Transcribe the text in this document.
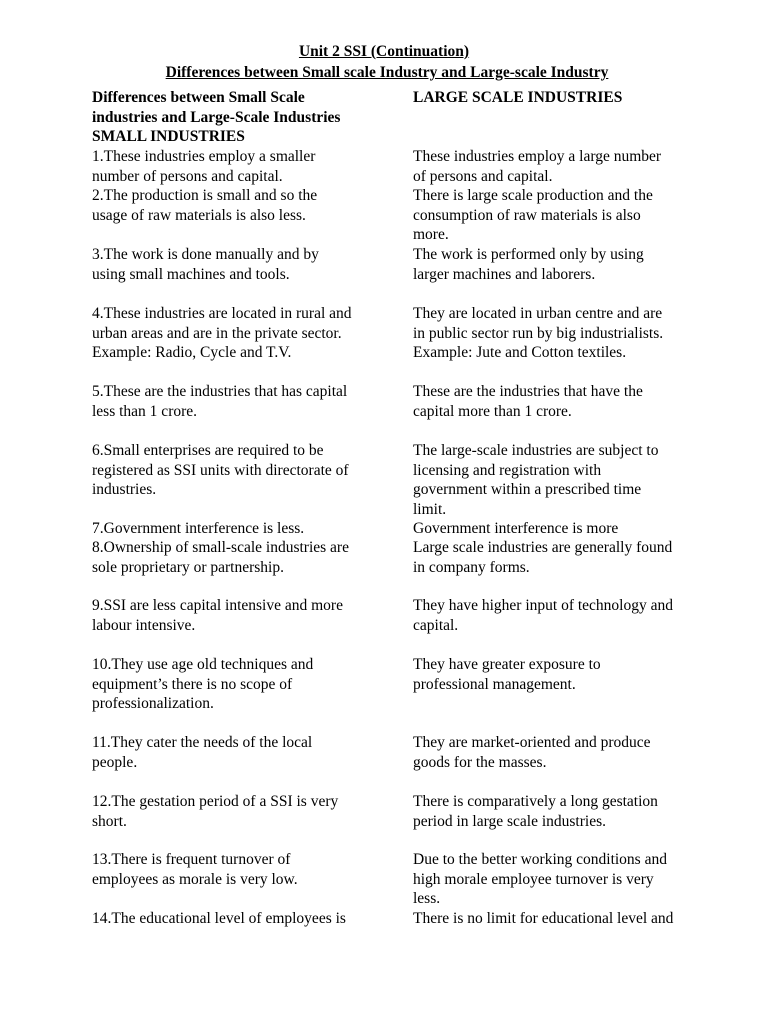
Unit 2 SSI (Continuation)
Differences between Small scale Industry and Large-scale Industry
Differences between Small Scale
industries and Large-Scale Industries
SMALL INDUSTRIES
LARGE SCALE INDUSTRIES
1.These industries employ a smaller
number of persons and capital.
These industries employ a large number
of persons and capital.
2.The production is small and so the
usage of raw materials is also less.
There is large scale production and the
consumption of raw materials is also
more.
3.The work is done manually and by
using small machines and tools.
The work is performed only by using
larger machines and laborers.
4.These industries are located in rural and
urban areas and are in the private sector.
Example: Radio, Cycle and T.V.
They are located in urban centre and are
in public sector run by big industrialists.
Example: Jute and Cotton textiles.
5.These are the industries that has capital
less than 1 crore.
These are the industries that have the
capital more than 1 crore.
6.Small enterprises are required to be
registered as SSI units with directorate of
industries.
The large-scale industries are subject to
licensing and registration with
government within a prescribed time
limit.
7.Government interference is less.	Government interference is more
8.Ownership of small-scale industries are
sole proprietary or partnership.
Large scale industries are generally found
in company forms.
9.SSI are less capital intensive and more
labour intensive.
They have higher input of technology and
capital.
10.They use age old techniques and
equipment’s there is no scope of
professionalization.
They have greater exposure to
professional management.
11.They cater the needs of the local
people.
They are market-oriented and produce
goods for the masses.
12.The gestation period of a SSI is very
short.
There is comparatively a long gestation
period in large scale industries.
13.There is frequent turnover of
employees as morale is very low.
Due to the better working conditions and
high morale employee turnover is very
less.
14.The educational level of employees is	There is no limit for educational level and
